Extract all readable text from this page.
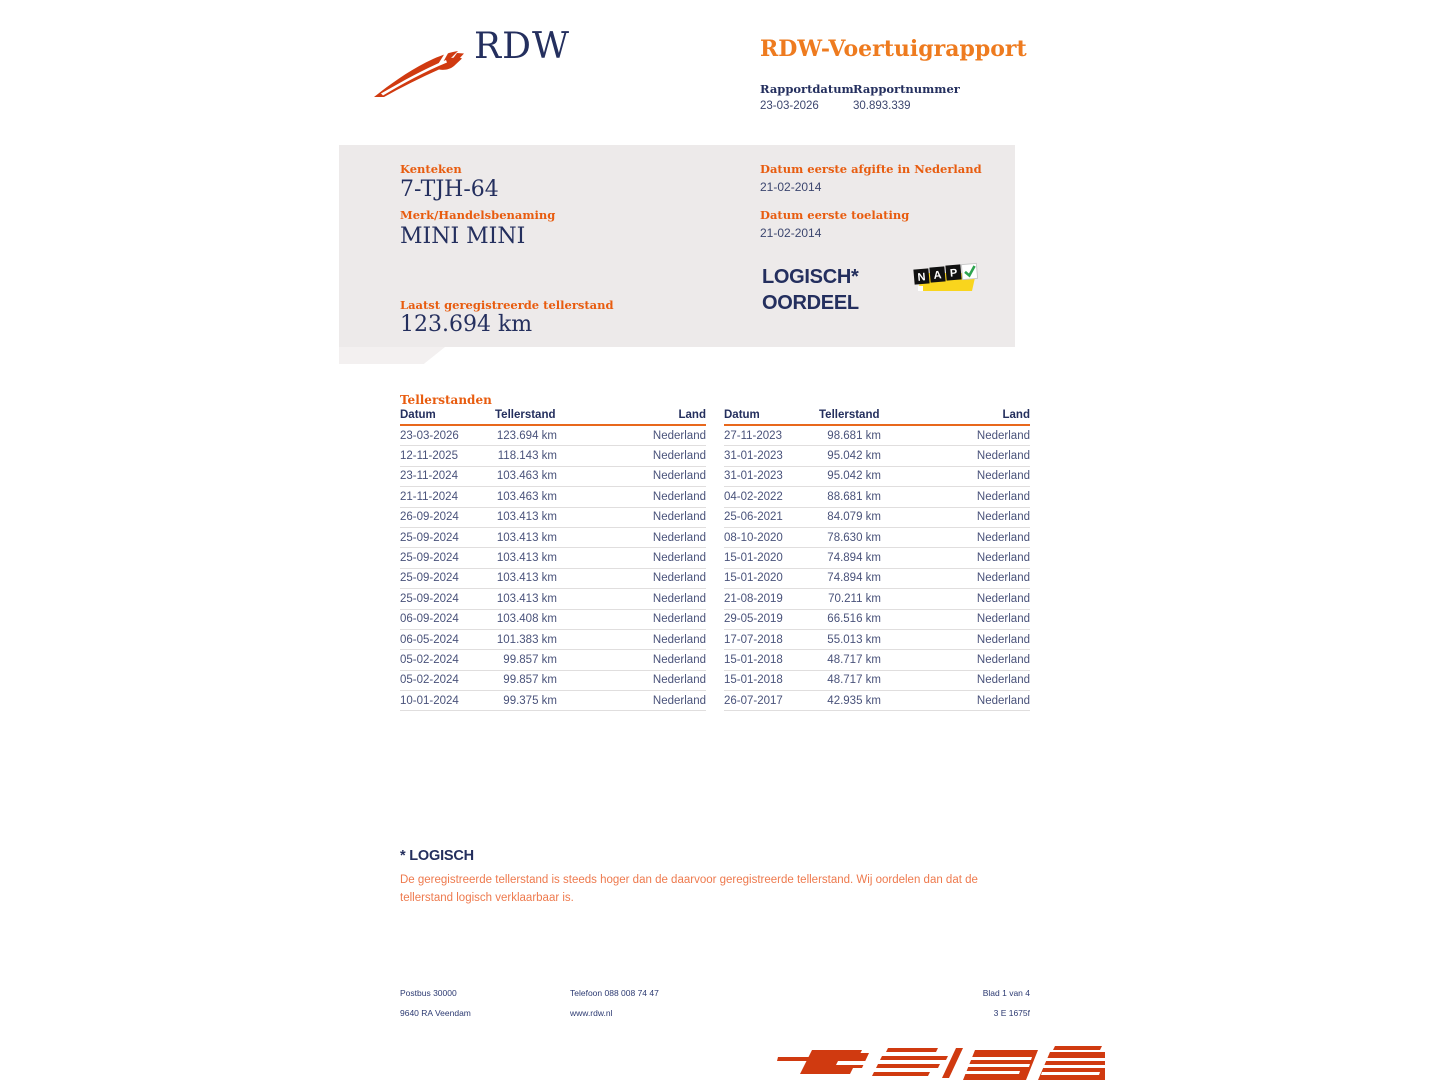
RDW	RDW-Voertuigrapport
Rapportdatum Rapportnummer
23-03-2026	30.893.339
Kenteken
7-TJH-64
Merk/Handelsbenaming
MINI MINI
Laatst geregistreerde tellerstand
123.694 km
Datum eerste afgifte in Nederland
21-02-2014
Datum eerste toelating
21-02-2014
LOGISCH*
OORDEEL
N A P
Tellerstanden
Datum	Tellerstand	Land
23-03-2026	123.694 km	Nederland
12-11-2025	118.143 km	Nederland
23-11-2024	103.463 km	Nederland
21-11-2024	103.463 km	Nederland
26-09-2024	103.413 km	Nederland
25-09-2024	103.413 km	Nederland
25-09-2024	103.413 km	Nederland
25-09-2024	103.413 km	Nederland
25-09-2024	103.413 km	Nederland
06-09-2024	103.408 km	Nederland
06-05-2024	101.383 km	Nederland
05-02-2024	99.857 km	Nederland
05-02-2024	99.857 km	Nederland
10-01-2024	99.375 km	Nederland
Datum	Tellerstand	Land
27-11-2023	98.681 km	Nederland
31-01-2023	95.042 km	Nederland
31-01-2023	95.042 km	Nederland
04-02-2022	88.681 km	Nederland
25-06-2021	84.079 km	Nederland
08-10-2020	78.630 km	Nederland
15-01-2020	74.894 km	Nederland
15-01-2020	74.894 km	Nederland
21-08-2019	70.211 km	Nederland
29-05-2019	66.516 km	Nederland
17-07-2018	55.013 km	Nederland
15-01-2018	48.717 km	Nederland
15-01-2018	48.717 km	Nederland
26-07-2017	42.935 km	Nederland
* LOGISCH
De geregistreerde tellerstand is steeds hoger dan de daarvoor geregistreerde tellerstand. Wij oordelen dan dat de tellerstand logisch verklaarbaar is.
Postbus 30000
9640 RA Veendam
Telefoon 088 008 74 47
www.rdw.nl
Blad 1 van 4
3 E 1675f
